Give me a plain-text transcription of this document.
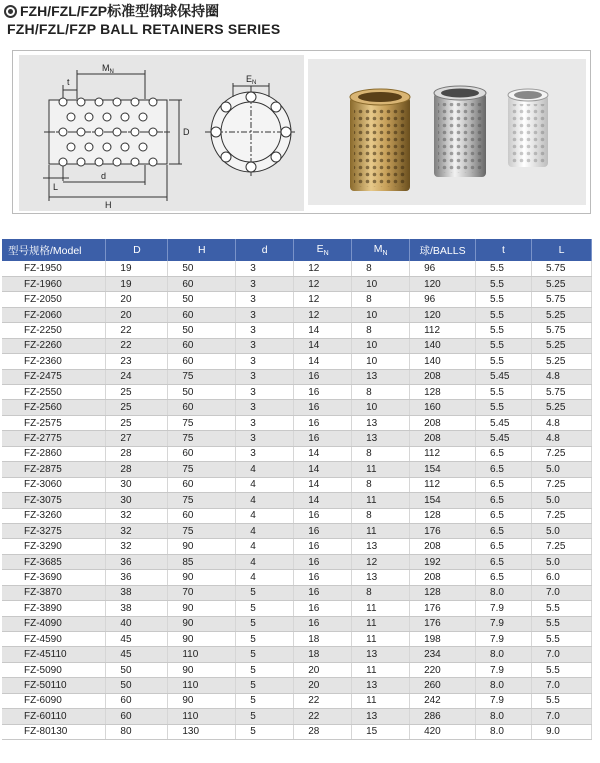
FZH/FZL/FZP标准型钢球保持圈
FZH/FZL/FZP BALL RETAINERS SERIES
$M_N$
t
D
$E_N$
L
d
H
型号规格/Model	D	H	d	$E_N$	$M_N$	球/BALLS	t	L
FZ-1950	19	50	3	12	8	96	5.5	5.75
FZ-1960	19	60	3	12	10	120	5.5	5.25
FZ-2050	20	50	3	12	8	96	5.5	5.75
FZ-2060	20	60	3	12	10	120	5.5	5.25
FZ-2250	22	50	3	14	8	112	5.5	5.75
FZ-2260	22	60	3	14	10	140	5.5	5.25
FZ-2360	23	60	3	14	10	140	5.5	5.25
FZ-2475	24	75	3	16	13	208	5.45	4.8
FZ-2550	25	50	3	16	8	128	5.5	5.75
FZ-2560	25	60	3	16	10	160	5.5	5.25
FZ-2575	25	75	3	16	13	208	5.45	4.8
FZ-2775	27	75	3	16	13	208	5.45	4.8
FZ-2860	28	60	3	14	8	112	6.5	7.25
FZ-2875	28	75	4	14	11	154	6.5	5.0
FZ-3060	30	60	4	14	8	112	6.5	7.25
FZ-3075	30	75	4	14	11	154	6.5	5.0
FZ-3260	32	60	4	16	8	128	6.5	7.25
FZ-3275	32	75	4	16	11	176	6.5	5.0
FZ-3290	32	90	4	16	13	208	6.5	7.25
FZ-3685	36	85	4	16	12	192	6.5	5.0
FZ-3690	36	90	4	16	13	208	6.5	6.0
FZ-3870	38	70	5	16	8	128	8.0	7.0
FZ-3890	38	90	5	16	11	176	7.9	5.5
FZ-4090	40	90	5	16	11	176	7.9	5.5
FZ-4590	45	90	5	18	11	198	7.9	5.5
FZ-45110	45	110	5	18	13	234	8.0	7.0
FZ-5090	50	90	5	20	11	220	7.9	5.5
FZ-50110	50	110	5	20	13	260	8.0	7.0
FZ-6090	60	90	5	22	11	242	7.9	5.5
FZ-60110	60	110	5	22	13	286	8.0	7.0
FZ-80130	80	130	5	28	15	420	8.0	9.0
